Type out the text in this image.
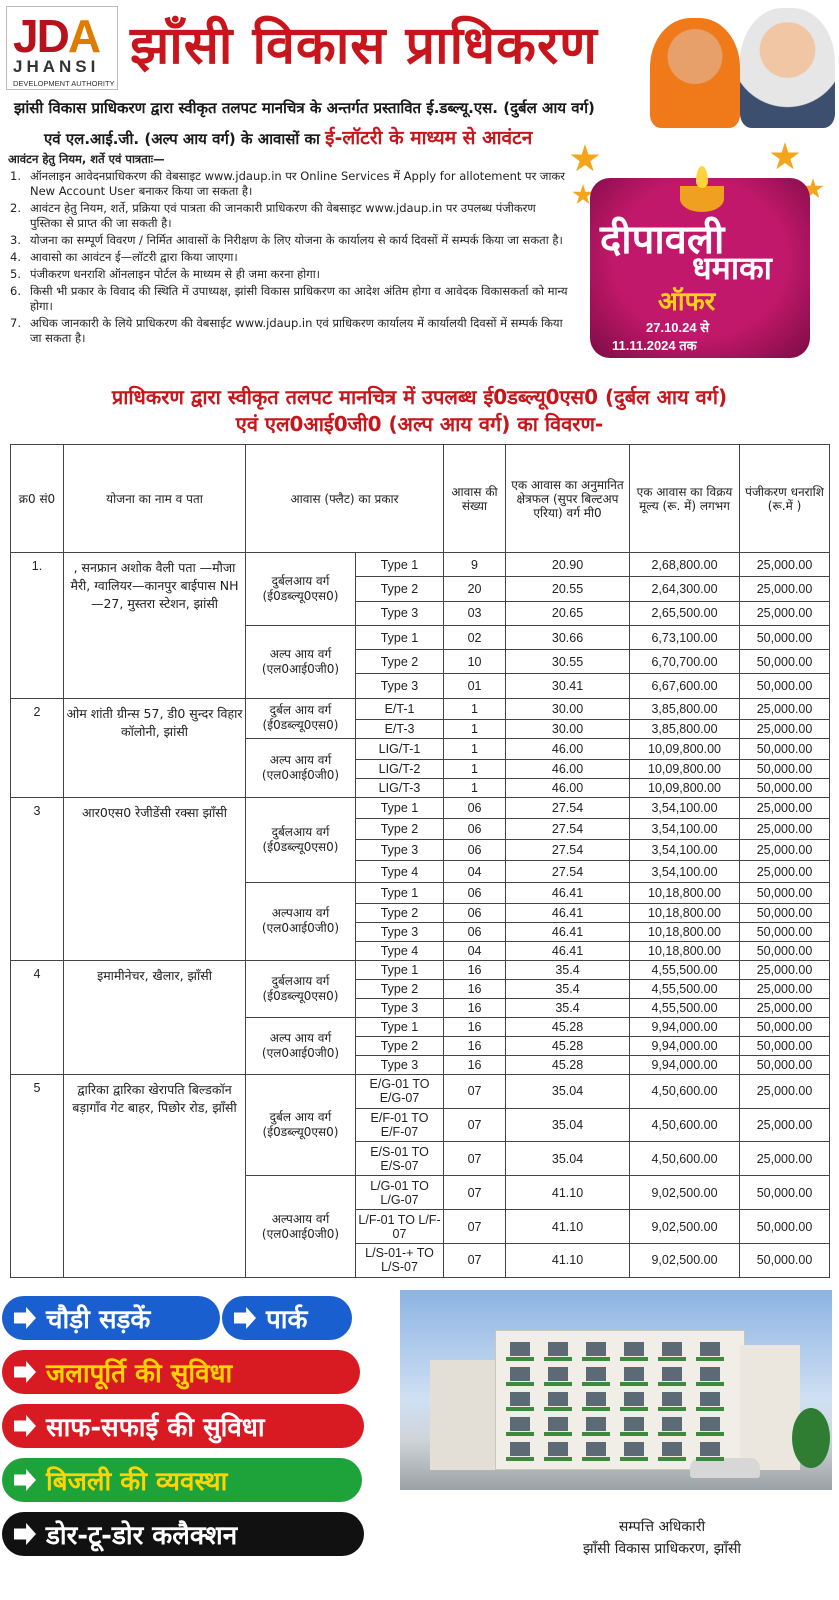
JDA
JHANSI
DEVELOPMENT AUTHORITY
झाँसी विकास प्राधिकरण
झांसी विकास प्राधिकरण द्वारा स्वीकृत तलपट मानचित्र के अन्तर्गत प्रस्तावित ई.डब्ल्यू.एस. (दुर्बल आय वर्ग)
एवं एल.आई.जी. (अल्प आय वर्ग) के आवासों का ई-लॉटरी के माध्यम से आवंटन
आवंटन हेतु नियम, शर्ते एवं पात्रताः—
1. ऑनलाइन आवेदनप्राधिकरण की वेबसाइट www.jdaup.in पर Online Services में Apply for allotement पर जाकर New Account User बनाकर किया जा सकता है।
2. आवंटन हेतु नियम, शर्ते, प्रक्रिया एवं पात्रता की जानकारी प्राधिकरण की वेबसाइट www.jdaup.in पर उपलब्ध पंजीकरण पुस्तिका से प्राप्त की जा सकती है।
3. योजना का सम्पूर्ण विवरण / निर्मित आवासों के निरीक्षण के लिए योजना के कार्यालय से कार्य दिवसों में सम्पर्क किया जा सकता है।
4. आवासो का आवंटन ई—लॉटरी द्वारा किया जाएगा।
5. पंजीकरण धनराशि ऑनलाइन पोर्टल के माध्यम से ही जमा करना होगा।
6. किसी भी प्रकार के विवाद की स्थिति में उपाध्यक्ष, झांसी विकास प्राधिकरण का आदेश अंतिम होगा व आवेदक विकासकर्ता को मान्य होगा।
7. अधिक जानकारी के लिये प्राधिकरण की वेबसाईट www.jdaup.in एवं प्राधिकरण कार्यालय में कार्यालयी दिवसों में सम्पर्क किया जा सकता है।
दीपावली
धमाका
ऑफर
27.10.24 से
11.11.2024 तक
प्राधिकरण द्वारा स्वीकृत तलपट मानचित्र में उपलब्ध ई0डब्ल्यू0एस0 (दुर्बल आय वर्ग)
एवं एल0आई0जी0 (अल्प आय वर्ग) का विवरण-
क्र0 सं0	योजना का नाम व पता	आवास (फ्लैट) का प्रकार		आवास की संख्या	एक आवास का अनुमानित क्षेत्रफल (सुपर बिल्टअप एरिया) वर्ग मी0	एक आवास का विक्रय मूल्य (रू. में) लगभग	पंजीकरण धनराशि (रू.में )
1.	, सनफ्रान अशोक वैली पता —मौजा मैरी, ग्वालियर—कानपुर बाईपास NH—27, मुस्तरा स्टेशन, झांसी	दुर्बलआय वर्ग (ई0डब्ल्यू0एस0)	Type 1	9	20.90	2,68,800.00	25,000.00
			Type 2	20	20.55	2,64,300.00	25,000.00
			Type 3	03	20.65	2,65,500.00	25,000.00
		अल्प आय वर्ग (एल0आई0जी0)	Type 1	02	30.66	6,73,100.00	50,000.00
			Type 2	10	30.55	6,70,700.00	50,000.00
			Type 3	01	30.41	6,67,600.00	50,000.00
2	ओम शांती ग्रीन्स 57, डी0 सुन्दर विहार कॉलोनी, झांसी	दुर्बल आय वर्ग (ई0डब्ल्यू0एस0)	E/T-1	1	30.00	3,85,800.00	25,000.00
			E/T-3	1	30.00	3,85,800.00	25,000.00
		अल्प आय वर्ग (एल0आई0जी0)	LIG/T-1	1	46.00	10,09,800.00	50,000.00
			LIG/T-2	1	46.00	10,09,800.00	50,000.00
			LIG/T-3	1	46.00	10,09,800.00	50,000.00
3	आर0एस0 रेजीडेंसी रक्सा झाँसी	दुर्बलआय वर्ग (ई0डब्ल्यू0एस0)	Type 1	06	27.54	3,54,100.00	25,000.00
			Type 2	06	27.54	3,54,100.00	25,000.00
			Type 3	06	27.54	3,54,100.00	25,000.00
			Type 4	04	27.54	3,54,100.00	25,000.00
		अल्पआय वर्ग (एल0आई0जी0)	Type 1	06	46.41	10,18,800.00	50,000.00
			Type 2	06	46.41	10,18,800.00	50,000.00
			Type 3	06	46.41	10,18,800.00	50,000.00
			Type 4	04	46.41	10,18,800.00	50,000.00
4	इमामीनेचर, खैलार, झाँसी	दुर्बलआय वर्ग (ई0डब्ल्यू0एस0)	Type 1	16	35.4	4,55,500.00	25,000.00
			Type 2	16	35.4	4,55,500.00	25,000.00
			Type 3	16	35.4	4,55,500.00	25,000.00
		अल्प आय वर्ग (एल0आई0जी0)	Type 1	16	45.28	9,94,000.00	50,000.00
			Type 2	16	45.28	9,94,000.00	50,000.00
			Type 3	16	45.28	9,94,000.00	50,000.00
5	द्वारिका द्वारिका खेरापति बिल्डकॉन बड़ागाँव गेट बाहर, पिछोर रोड, झाँसी	दुर्बल आय वर्ग (ई0डब्ल्यू0एस0)	E/G-01 TO E/G-07	07	35.04	4,50,600.00	25,000.00
			E/F-01 TO E/F-07	07	35.04	4,50,600.00	25,000.00
			E/S-01 TO E/S-07	07	35.04	4,50,600.00	25,000.00
		अल्पआय वर्ग (एल0आई0जी0)	L/G-01 TO L/G-07	07	41.10	9,02,500.00	50,000.00
			L/F-01 TO L/F-07	07	41.10	9,02,500.00	50,000.00
			L/S-01-+ TO L/S-07	07	41.10	9,02,500.00	50,000.00
चौड़ी सड़कें	पार्क
जलापूर्ति की सुविधा
साफ-सफाई की सुविधा
बिजली की व्यवस्था
डोर-टू-डोर कलैक्शन	सम्पत्ति अधिकारी
झाँसी विकास प्राधिकरण, झाँसी
